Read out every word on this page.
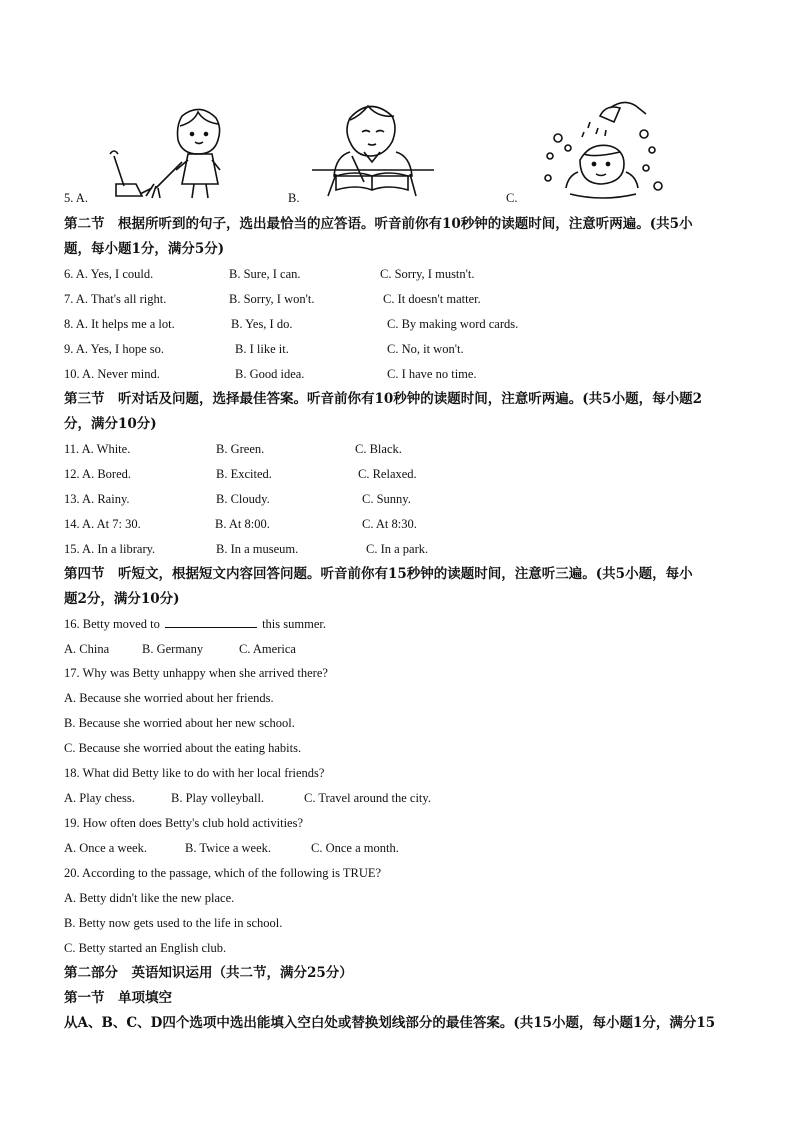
5. A.	B.	C.
第二节　根据所听到的句子，选出最恰当的应答语。听音前你有10秒钟的读题时间，注意听两遍。(共5小
题，每小题1分，满分5分)
6. A. Yes, I could.	B. Sure, I can.	C. Sorry, I mustn't.
7. A. That's all right.	B. Sorry, I won't.	C. It doesn't matter.
8. A. It helps me a lot.	B. Yes, I do.	C. By making word cards.
9. A. Yes, I hope so.	B. I like it.	C. No, it won't.
10. A. Never mind.	B. Good idea.	C. I have no time.
第三节　听对话及问题，选择最佳答案。听音前你有10秒钟的读题时间，注意听两遍。(共5小题，每小题2
分，满分10分)
11. A. White.	B. Green.	C. Black.
12. A. Bored.	B. Excited.	C. Relaxed.
13. A. Rainy.	B. Cloudy.	C. Sunny.
14. A. At 7: 30.	B. At 8:00.	C. At 8:30.
15. A. In a library.	B. In a museum.	C. In a park.
第四节　听短文，根据短文内容回答问题。听音前你有15秒钟的读题时间，注意听三遍。(共5小题，每小
题2分，满分10分)
16. Betty moved to	this summer.
A. China	B. Germany	C. America
17. Why was Betty unhappy when she arrived there?
A. Because she worried about her friends.
B. Because she worried about her new school.
C. Because she worried about the eating habits.
18. What did Betty like to do with her local friends?
A. Play chess.	B. Play volleyball.	C. Travel around the city.
19. How often does Betty's club hold activities?
A. Once a week.	B. Twice a week.	C. Once a month.
20. According to the passage, which of the following is TRUE?
A. Betty didn't like the new place.
B. Betty now gets used to the life in school.
C. Betty started an English club.
第二部分　英语知识运用（共二节，满分25分）
第一节　单项填空
从A、B、C、D四个选项中选出能填入空白处或替换划线部分的最佳答案。(共15小题，每小题1分，满分15
